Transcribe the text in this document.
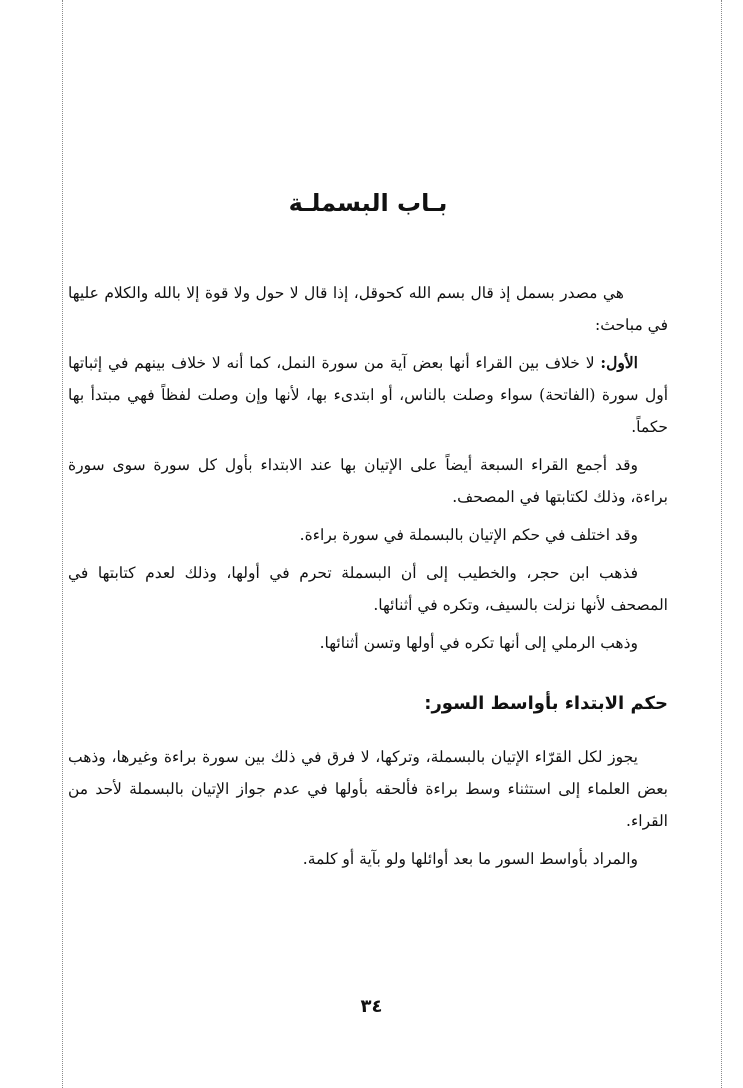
بـاب البسملـة

هي مصدر بسمل إذ قال بسم الله كحوقل، إذا قال لا حول ولا قوة إلا بالله والكلام عليها في مباحث:

الأول: لا خلاف بين القراء أنها بعض آية من سورة النمل، كما أنه لا خلاف بينهم في إثباتها أول سورة (الفاتحة) سواء وصلت بالناس، أو ابتدىء بها، لأنها وإن وصلت لفظاً فهي مبتدأ بها حكماً.

وقد أجمع القراء السبعة أيضاً على الإتيان بها عند الابتداء بأول كل سورة سوى سورة براءة، وذلك لكتابتها في المصحف.

وقد اختلف في حكم الإتيان بالبسملة في سورة براءة.

فذهب ابن حجر، والخطيب إلى أن البسملة تحرم في أولها، وذلك لعدم كتابتها في المصحف لأنها نزلت بالسيف، وتكره في أثنائها.

وذهب الرملي إلى أنها تكره في أولها وتسن أثنائها.

حكم الابتداء بأواسط السور:

يجوز لكل القرّاء الإتيان بالبسملة، وتركها، لا فرق في ذلك بين سورة براءة وغيرها، وذهب بعض العلماء إلى استثناء وسط براءة فألحقه بأولها في عدم جواز الإتيان بالبسملة لأحد من القراء.

والمراد بأواسط السور ما بعد أوائلها ولو بآية أو كلمة.

٣٤
